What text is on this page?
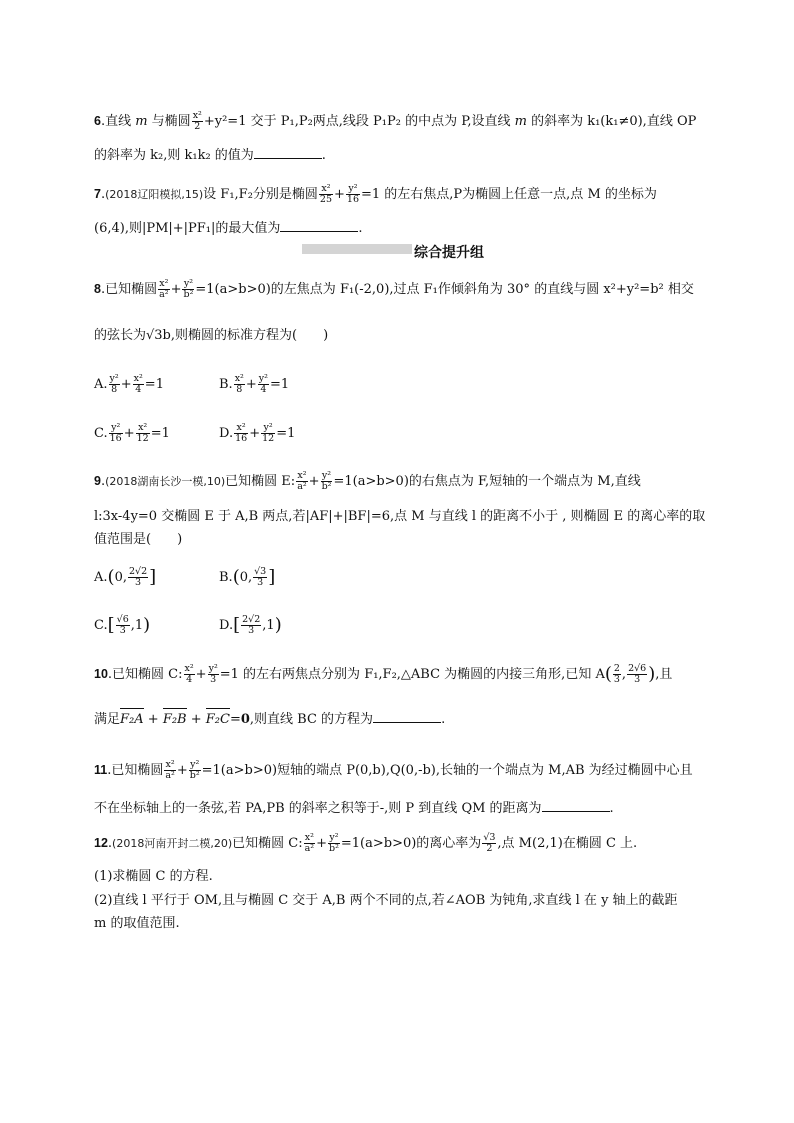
6.直线 m 与椭圆 $\frac{\text{x²}}{2} +y^2=1$ 交于 P₁,P₂两点,线段 P₁P₂ 的中点为 P,设直线 m 的斜率为 k₁(k₁≠0),直线 OP
的斜率为 k₂,则 k₁k₂ 的值为	.
7.(2018辽阳模拟,15)设 F₁,F₂分别是椭圆 $\frac{\text{x²}}{25} + \frac{\text{y²}}{16} =1$ 的左右焦点,P为椭圆上任意一点,点 M 的坐标为
(6,4),则|PM|+|PF₁|的最大值为	.
综合提升组
8.已知椭圆 $\frac{\text{x²}}{\text{a²}} + \frac{\text{y²}}{\text{b²}} =1(a>b>0)$的左焦点为 F₁(-2,0),过点 F₁作倾斜角为 30° 的直线与圆 x²+y²=b² 相交
的弦长为√3b,则椭圆的标准方程为(　　)
A. $\frac{\text{y²}}{8} + \frac{\text{x²}}{4} =1$	B. $\frac{\text{x²}}{8} + \frac{\text{y²}}{4} =1$
C. $\frac{\text{y²}}{16} + \frac{\text{x²}}{12} =1$	D. $\frac{\text{x²}}{16} + \frac{\text{y²}}{12} =1$
9.(2018湖南长沙一模,10)已知椭圆 E: $\frac{\text{x²}}{\text{a²}} + \frac{\text{y²}}{\text{b²}} =1(a>b>0)$的右焦点为 F,短轴的一个端点为 M,直线
l:3x-4y=0 交椭圆 E 于 A,B 两点,若|AF|+|BF|=6,点 M 与直线 l 的距离不小于 , 则椭圆 E 的离心率的取
值范围是(　　)
A.(0, $\frac{2√2}{3}$ ]	B.(0, $\frac{√3}{3}$ ]
$C.[ \frac{√6}{3} ,1)$	$D.[ \frac{2√2}{3} ,1)$
10.已知椭圆 C: $\frac{\text{x²}}{4} + \frac{\text{y²}}{3} =1$ 的左右两焦点分别为 F₁,F₂,△ABC 为椭圆的内接三角形,已知 $A( \frac{2}{3}$ , $\frac{2√6}{3}$ ),且
满足F₂A + F₂B + F₂C=0,则直线 BC 的方程为	.
11.已知椭圆 $\frac{\text{x²}}{\text{a²}} + \frac{\text{y²}}{\text{b²}} =1(a>b>0)$短轴的端点 P(0,b),Q(0,-b),长轴的一个端点为 M,AB 为经过椭圆中心且
不在坐标轴上的一条弦,若 PA,PB 的斜率之积等于-,则 P 到直线 QM 的距离为	.
12.(2018河南开封二模,20)已知椭圆 C: $\frac{\text{x²}}{\text{a²}} + \frac{\text{y²}}{\text{b²}} =1(a>b>0)$的离心率为 $\frac{√3}{2}$ ,点 M(2,1)在椭圆 C 上.
(1)求椭圆 C 的方程.
(2)直线 l 平行于 OM,且与椭圆 C 交于 A,B 两个不同的点,若∠AOB 为钝角,求直线 l 在 y 轴上的截距
m 的取值范围.
